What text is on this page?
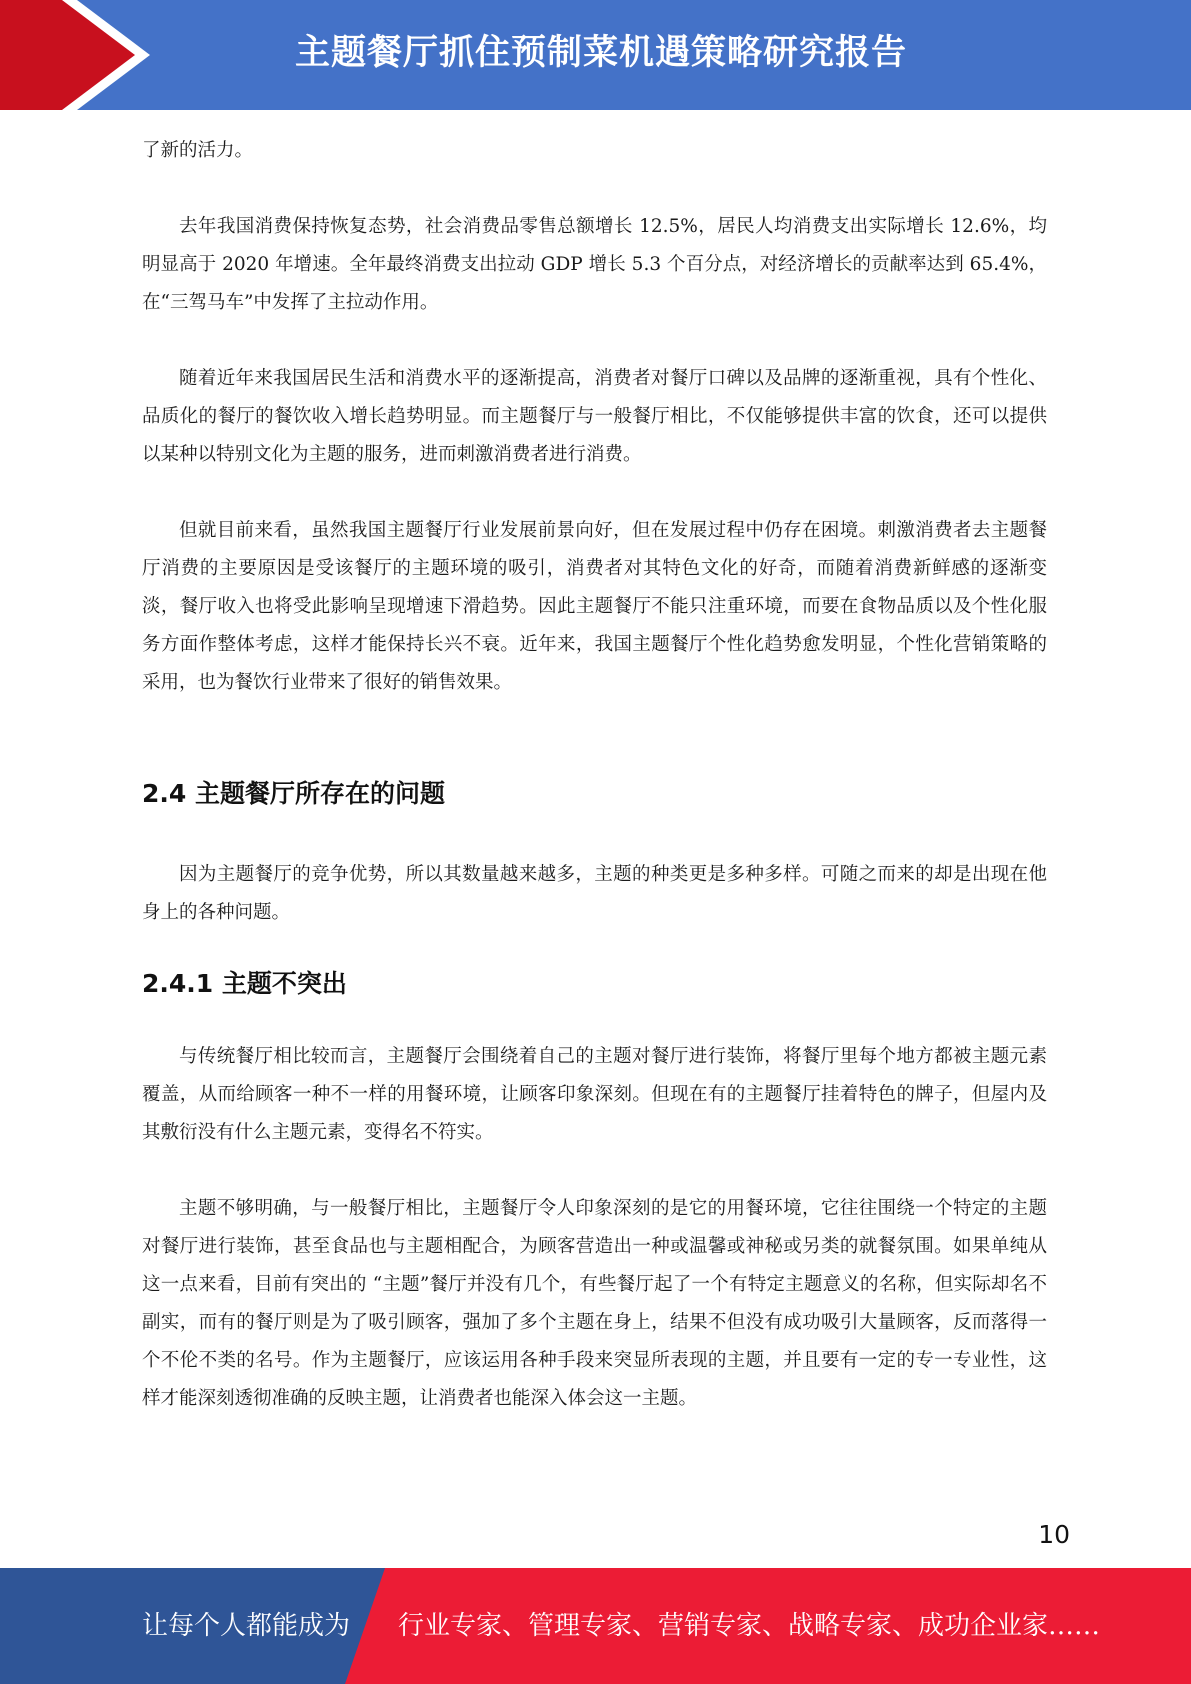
主题餐厅抓住预制菜机遇策略研究报告

了新的活力。

去年我国消费保持恢复态势，社会消费品零售总额增长 12.5%，居民人均消费支出实际增长 12.6%，均明显高于 2020 年增速。全年最终消费支出拉动 GDP 增长 5.3 个百分点，对经济增长的贡献率达到 65.4%，在“三驾马车”中发挥了主拉动作用。

随着近年来我国居民生活和消费水平的逐渐提高，消费者对餐厅口碑以及品牌的逐渐重视，具有个性化、品质化的餐厅的餐饮收入增长趋势明显。而主题餐厅与一般餐厅相比，不仅能够提供丰富的饮食，还可以提供以某种以特别文化为主题的服务，进而刺激消费者进行消费。

但就目前来看，虽然我国主题餐厅行业发展前景向好，但在发展过程中仍存在困境。刺激消费者去主题餐厅消费的主要原因是受该餐厅的主题环境的吸引，消费者对其特色文化的好奇，而随着消费新鲜感的逐渐变淡，餐厅收入也将受此影响呈现增速下滑趋势。因此主题餐厅不能只注重环境，而要在食物品质以及个性化服务方面作整体考虑，这样才能保持长兴不衰。近年来，我国主题餐厅个性化趋势愈发明显，个性化营销策略的采用，也为餐饮行业带来了很好的销售效果。

2.4 主题餐厅所存在的问题

因为主题餐厅的竞争优势，所以其数量越来越多，主题的种类更是多种多样。可随之而来的却是出现在他身上的各种问题。

2.4.1 主题不突出

与传统餐厅相比较而言，主题餐厅会围绕着自己的主题对餐厅进行装饰，将餐厅里每个地方都被主题元素覆盖，从而给顾客一种不一样的用餐环境，让顾客印象深刻。但现在有的主题餐厅挂着特色的牌子，但屋内及其敷衍没有什么主题元素，变得名不符实。

主题不够明确，与一般餐厅相比，主题餐厅令人印象深刻的是它的用餐环境，它往往围绕一个特定的主题对餐厅进行装饰，甚至食品也与主题相配合，为顾客营造出一种或温馨或神秘或另类的就餐氛围。如果单纯从这一点来看，目前有突出的 “主题”餐厅并没有几个，有些餐厅起了一个有特定主题意义的名称，但实际却名不副实，而有的餐厅则是为了吸引顾客，强加了多个主题在身上，结果不但没有成功吸引大量顾客，反而落得一个不伦不类的名号。作为主题餐厅，应该运用各种手段来突显所表现的主题，并且要有一定的专一专业性，这样才能深刻透彻准确的反映主题，让消费者也能深入体会这一主题。

10
让每个人都能成为 行业专家、管理专家、营销专家、战略专家、成功企业家……
